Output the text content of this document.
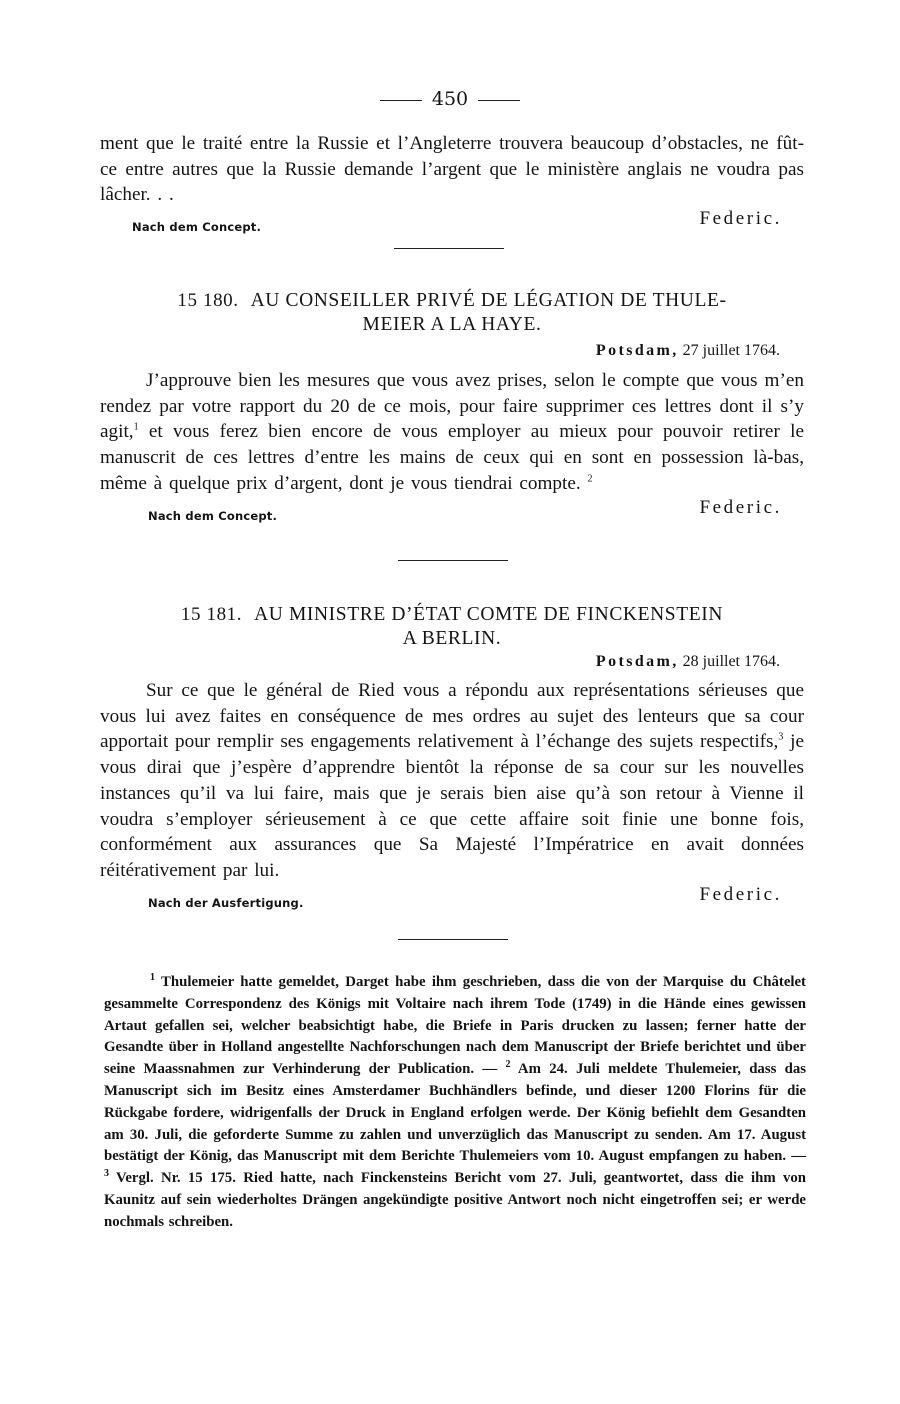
450

ment que le traité entre la Russie et l’Angleterre trouvera beaucoup d’obstacles, ne fût-ce entre autres que la Russie demande l’argent que le ministère anglais ne voudra pas lâcher. . .

Nach dem Concept.	Federic.
15 180. AU CONSEILLER PRIVÉ DE LÉGATION DE THULE-
MEIER A LA HAYE.
Potsdam, 27 juillet 1764.

J’approuve bien les mesures que vous avez prises, selon le compte que vous m’en rendez par votre rapport du 20 de ce mois, pour faire supprimer ces lettres dont il s’y agit,$^1$ et vous ferez bien encore de vous employer au mieux pour pouvoir retirer le manuscrit de ces lettres d’entre les mains de ceux qui en sont en possession là-bas, même à quelque prix d’argent, dont je vous tiendrai compte. $^2$

Nach dem Concept.	Federic.
15 181. AU MINISTRE D’ÉTAT COMTE DE FINCKENSTEIN
A BERLIN.
Potsdam, 28 juillet 1764.

Sur ce que le général de Ried vous a répondu aux représentations sérieuses que vous lui avez faites en conséquence de mes ordres au sujet des lenteurs que sa cour apportait pour remplir ses engagements relativement à l’échange des sujets respectifs,$^3$ je vous dirai que j’espère d’apprendre bientôt la réponse de sa cour sur les nouvelles instances qu’il va lui faire, mais que je serais bien aise qu’à son retour à Vienne il voudra s’employer sérieusement à ce que cette affaire soit finie une bonne fois, conformément aux assurances que Sa Majesté l’Impératrice en avait données réitérativement par lui.

Nach der Ausfertigung.	Federic.

$^1$ Thulemeier hatte gemeldet, Darget habe ihm geschrieben, dass die von der Marquise du Châtelet gesammelte Correspondenz des Königs mit Voltaire nach ihrem Tode (1749) in die Hände eines gewissen Artaut gefallen sei, welcher beabsichtigt habe, die Briefe in Paris drucken zu lassen; ferner hatte der Gesandte über in Holland angestellte Nachforschungen nach dem Manuscript der Briefe berichtet und über seine Maassnahmen zur Verhinderung der Publication. — $^2$ Am 24. Juli meldete Thulemeier, dass das Manuscript sich im Besitz eines Amsterdamer Buchhändlers befinde, und dieser 1200 Florins für die Rückgabe fordere, widrigenfalls der Druck in England erfolgen werde. Der König befiehlt dem Gesandten am 30. Juli, die geforderte Summe zu zahlen und unverzüglich das Manuscript zu senden. Am 17. August bestätigt der König, das Manuscript mit dem Berichte Thulemeiers vom 10. August empfangen zu haben. — $^3$ Vergl. Nr. 15 175. Ried hatte, nach Finckensteins Bericht vom 27. Juli, geantwortet, dass die ihm von Kaunitz auf sein wiederholtes Drängen angekündigte positive Antwort noch nicht eingetroffen sei; er werde nochmals schreiben.
